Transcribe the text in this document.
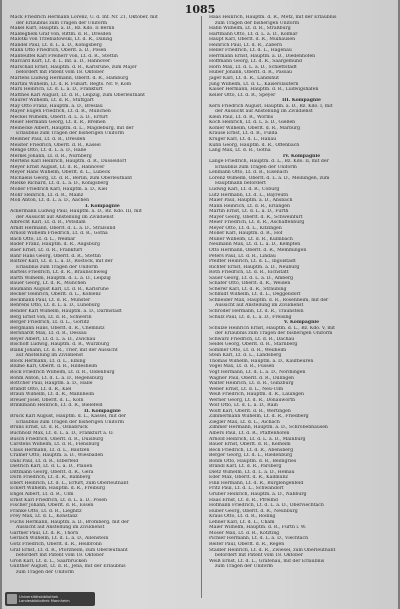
1085
Mack Friedrich Hermann Lorenz, U. d. Inf. Nr. 21, Oktober, mit
der Erlaubnis zum Tragen der Uniform
Makel Kurt, Hauptm. a. D., Bz. Kdo. II Berlin
Maldeghem Graf von, Rittm. d. R., Dresden
Malotki von Trzebiatowski, Lt. d. R., Danzig
Mandel Paul, Lt. d. L. a. D., Königsberg
Mann Otto Friedrich, Oberlt. a. D., Posen
Manteuffel Karl Freiherr von, Lt. d. R., Stettin
Marcard Kurt, Lt. d. L. Inf. a. D., Hannover
Marschall Ernst, Hauptm. d. R., Karlsruhe, zum Major
befördert mit Patent vom 18. Oktober
Martens Ludwig Hermann, Oberlt. d. R., Hamburg
Martini Wilhelm, Lt. d. R. Fußart. Regts. Nr. 9, Köln
Marx Heinrich, Lt. d. L. a. D., Frankfurt
Matthes Karl August, Lt. d. R., Leipzig, zum Oberleutnant
Maurer Wilhelm, Lt. d. R., Stuttgart
May Otto Franz, Hauptm. a. D., Breslau
Mayer Eugen Friedrich, Lt. d. R., München
Meckel Wilhelm, Oberlt. d. L. a. D., Erfurt
Meier Hermann Georg, Lt. d. R., Bremen
Meinecke Albert, Hauptm. d. L., Magdeburg, mit der
Erlaubnis zum Tragen der bisherigen Uniform
Meißner Paul, Lt. d. R., Dresden
Meister Friedrich, Oberlt. d. R., Kassel
Menge Otto, Lt. d. L. a. D., Halle
Merkel Johann, Lt. d. R., Nürnberg
Mertens Karl Heinrich, Hauptm. d. R., Düsseldorf
Meyer Ernst August, Lt. d. R., Hannover
Meyer Hans Wilhelm, Oberlt. d. L., Lübeck
Michaelis Georg, Lt. d. R., Berlin, zum Oberleutnant
Mielke Richard, Lt. d. L. a. D., Königsberg
Möller Friedrich Karl, Hauptm. a. D., Kiel
Mohr Heinrich, Lt. d. R., Mainz
Moll Anton, Lt. d. L. a. D., Aachen
I. Kompagnie
Ackermann Ludwig Paul, Hauptm. a. D., Bz. Kdo. III, mit
der Aussicht auf Anstellung im Zivildienst
Albrecht Karl, Lt. d. R., Potsdam
Arndt Hermann, Oberlt. d. L. a. D., Stralsund
Arnold Wilhelm Friedrich, Lt. d. R., Gotha
Bach Otto, Lt. d. L., Weimar
Bader Franz, Hauptm. d. R., Augsburg
Baer Ernst, Lt. d. R., Frankfurt
Bahr Hans Georg, Oberlt. d. R., Stettin
Baltzer Karl, Lt. d. L. a. D., Rostock, mit der
Erlaubnis zum Tragen der Uniform
Bartels Friedrich, Lt. d. R., Braunschweig
Barth Wilhelm, Hauptm. d. L. a. D., Leipzig
Bauer Georg, Lt. d. R., München
Baumann August Karl, Lt. d. R., Karlsruhe
Becker Heinrich, Oberlt. d. L., Koblenz
Beckmann Paul, Lt. d. R., Münster
Behrens Otto, Lt. d. L. a. D., Lüneburg
Bender Karl Wilhelm, Hauptm. a. D., Darmstadt
Berg Ernst von, Lt. d. R., Schwerin
Berger Friedrich, Lt. d. L., Görlitz
Bergmann Hans, Oberlt. d. R., Chemnitz
Bernhardt Max, Lt. d. R., Dessau
Beyer Albert, Lt. d. L. a. D., Zwickau
Bischoff Ludwig, Hauptm. d. R., Würzburg
Blank Johann, Lt. d. R., Trier, mit der Aussicht
auf Anstellung im Zivildienst
Block Hermann, Lt. d. L., Elbing
Blume Karl, Oberlt. d. R., Hildesheim
Bock Friedrich Wilhelm, Lt. d. R., Oldenburg
Böhm Anton, Lt. d. L. a. D., Regensburg
Böttcher Paul, Hauptm. a. D., Halle
Brandt Otto, Lt. d. R., Kiel
Braun Wilhelm, Lt. d. R., Mannheim
Breuer Josef, Oberlt. d. L., Köln
Brinkmann Heinrich, Lt. d. R., Bielefeld
II. Kompagnie
Brück Karl August, Hauptm. d. L., Kassel, mit der
Erlaubnis zum Tragen der bisherigen Uniform
Bruns Ernst, Lt. d. R., Osnabrück
Buchholz Max, Lt. d. L. a. D., Frankfurt a. O.
Busch Friedrich, Oberlt. d. R., Duisburg
Carstens Wilhelm, Lt. d. R., Flensburg
Claus Hermann, Lt. d. L., Bautzen
Cramer Otto, Hauptm. a. D., Wiesbaden
Dahl Paul, Lt. d. R., Elberfeld
Dietrich Karl, Lt. d. L. a. D., Plauen
Dittmann Georg, Oberlt. d. R., Gera
Dorn Friedrich, Lt. d. R., Bamberg
Ebert Heinrich, Lt. d. L., Erfurt, zum Oberleutnant
Eckert Wilhelm, Hauptm. d. R., Freiburg
Engel Albert, Lt. d. R., Ulm
Ernst Karl Friedrich, Lt. d. L. a. D., Posen
Fischer Johann, Oberlt. d. R., Essen
Franke Otto, Lt. d. R., Liegnitz
Frey Max, Lt. d. L., Konstanz
Fuchs Hermann, Hauptm. a. D., Bromberg, mit der
Aussicht auf Anstellung im Zivildienst
Gärtner Paul, Lt. d. R., Thorn
Gerlach Wilhelm, Lt. d. L. a. D., Allenstein
Götz Friedrich, Oberlt. d. R., Heilbronn
Graf Ernst, Lt. d. R., Pforzheim, zum Oberleutnant
befördert mit Patent vom 18. Oktober
Groß Karl, Lt. d. L., Saarbrücken
Günther August, Lt. d. R., Jena, mit der Erlaubnis
zum Tragen der Uniform
Haas Heinrich, Hauptm. d. R., Metz, mit der Erlaubnis
zum Tragen der bisherigen Uniform
Hahn Wilhelm, Lt. d. R., Straßburg
Hartmann Otto, Lt. d. L. a. D., Kolmar
Haupt Karl, Oberlt. d. R., Mülhausen
Heinrich Paul, Lt. d. R., Zabern
Heller Friedrich, Lt. d. L., Hagenau
Herrmann Ernst, Hauptm. a. D., Diedenhofen
Hoffmann Georg, Lt. d. R., Saargemünd
Horn Max, Lt. d. L. a. D., Schlettstadt
Huber Johann, Oberlt. d. R., Passau
Jäger Karl, Lt. d. R., Landshut
Jung Wilhelm, Lt. d. L., Kaiserslautern
Kaiser Hermann, Hauptm. d. R., Ludwigshafen
Keller Otto, Lt. d. R., Speyer
III. Kompagnie
Kern Friedrich August, Hauptm. a. D., Bz. Kdo. I, mit
der Aussicht auf Anstellung im Zivildienst
Klein Paul, Lt. d. R., Worms
Koch Heinrich, Lt. d. L. a. D., Gießen
Köhler Wilhelm, Oberlt. d. R., Marburg
Krause Ernst, Lt. d. R., Fulda
Krüger Karl, Lt. d. L., Hanau
Kuhn Georg, Hauptm. d. R., Offenbach
Lang Max, Lt. d. R., Gotha
IV. Kompagnie
Lange Friedrich, Hauptm. d. L., Bz. Kdo. II, mit der
Erlaubnis zum Tragen der Uniform
Lehmann Otto, Lt. d. R., Eisenach
Lorenz Wilhelm, Oberlt. d. L. a. D., Meiningen, zum
Hauptmann befördert
Ludwig Karl, Lt. d. R., Coburg
Lutz Hermann, Lt. d. L., Bayreuth
Maier Paul, Hauptm. a. D., Ansbach
Mann Heinrich, Lt. d. R., Erlangen
Martin Ernst, Lt. d. L. a. D., Fürth
Mayer Georg, Oberlt. d. R., Schweinfurt
Meier Friedrich, Lt. d. R., Aschaffenburg
Meyer Otto, Lt. d. L., Kitzingen
Möller Karl, Hauptm. d. R., Hof
Müller Wilhelm, Lt. d. R., Kulmbach
Neumann Max, Lt. d. L. a. D., Kempten
Otto Hermann, Oberlt. d. R., Memmingen
Peters Paul, Lt. d. R., Lindau
Pfeiffer Heinrich, Lt. d. L., Ingolstadt
Richter Ernst, Hauptm. a. D., Neuburg
Roth Friedrich, Lt. d. R., Eichstätt
Sauer Georg, Lt. d. L. a. D., Amberg
Schäfer Otto, Oberlt. d. R., Weiden
Scherer Karl, Lt. d. R., Straubing
Schmidt Wilhelm, Lt. d. L., Deggendorf
Schneider Max, Hauptm. d. R., Rosenheim, mit der
Aussicht auf Anstellung im Zivildienst
Schröder Hermann, Lt. d. R., Traunstein
Schulz Paul, Lt. d. L. a. D., Freising
V. Kompagnie
Schulze Heinrich Ernst, Hauptm. d. L., Bz. Kdo. V, mit
der Erlaubnis zum Tragen der bisherigen Uniform
Schwarz Friedrich, Lt. d. R., Dachau
Seidel Georg, Oberlt. d. R., Starnberg
Sommer Otto, Lt. d. R., Weilheim
Stein Karl, Lt. d. L., Landsberg
Thomas Wilhelm, Hauptm. a. D., Kaufbeuren
Vogel Max, Lt. d. R., Füssen
Vogt Hermann, Lt. d. L. a. D., Nördlingen
Wagner Paul, Oberlt. d. R., Dillingen
Walter Heinrich, Lt. d. R., Günzburg
Weber Ernst, Lt. d. L., Neu-Ulm
Weiß Friedrich, Hauptm. d. R., Lauingen
Werner Georg, Lt. d. R., Donauwörth
Wolf Otto, Lt. d. L. a. D., Rain
Wolff Karl, Oberlt. d. R., Wertingen
Zimmermann Wilhelm, Lt. d. R., Friedberg
Ziegler Max, Lt. d. L., Aichach
Zimmer Hermann, Hauptm. a. D., Schrobenhausen
Albers Paul, Lt. d. R., Pfaffenhofen
Arnold Heinrich, Lt. d. L. a. D., Mainburg
Bauer Ernst, Oberlt. d. R., Kelheim
Beck Friedrich, Lt. d. R., Abensberg
Berger Georg, Lt. d. L., Riedenburg
Böhm Otto, Hauptm. d. R., Beilngries
Brandl Karl, Lt. d. R., Parsberg
Dietz Wilhelm, Lt. d. L. a. D., Hemau
Eder Max, Oberlt. d. R., Kallmünz
Fink Hermann, Lt. d. R., Burglengenfeld
Fritz Paul, Lt. d. L., Schwandorf
Gruber Heinrich, Hauptm. a. D., Nabburg
Haas Ernst, Lt. d. R., Pfreimd
Hofmann Friedrich, Lt. d. L. a. D., Oberviechtach
Huber Georg, Oberlt. d. R., Neunburg
Kraus Otto, Lt. d. R., Roding
Lehner Karl, Lt. d. L., Cham
Maier Wilhelm, Hauptm. d. R., Furth i. W.
Moser Max, Lt. d. R., Kötzting
Pichler Hermann, Lt. d. L. a. D., Viechtach
Reiter Paul, Oberlt. d. R., Regen
Stadler Heinrich, Lt. d. R., Zwiesel, zum Oberleutnant
befördert mit Patent vom 18. Oktober
Weiß Ernst, Lt. d. L., Grafenau, mit der Erlaubnis
zum Tragen der Uniform
Universitätsbibliothek
Landesbibliothek Mannheim
